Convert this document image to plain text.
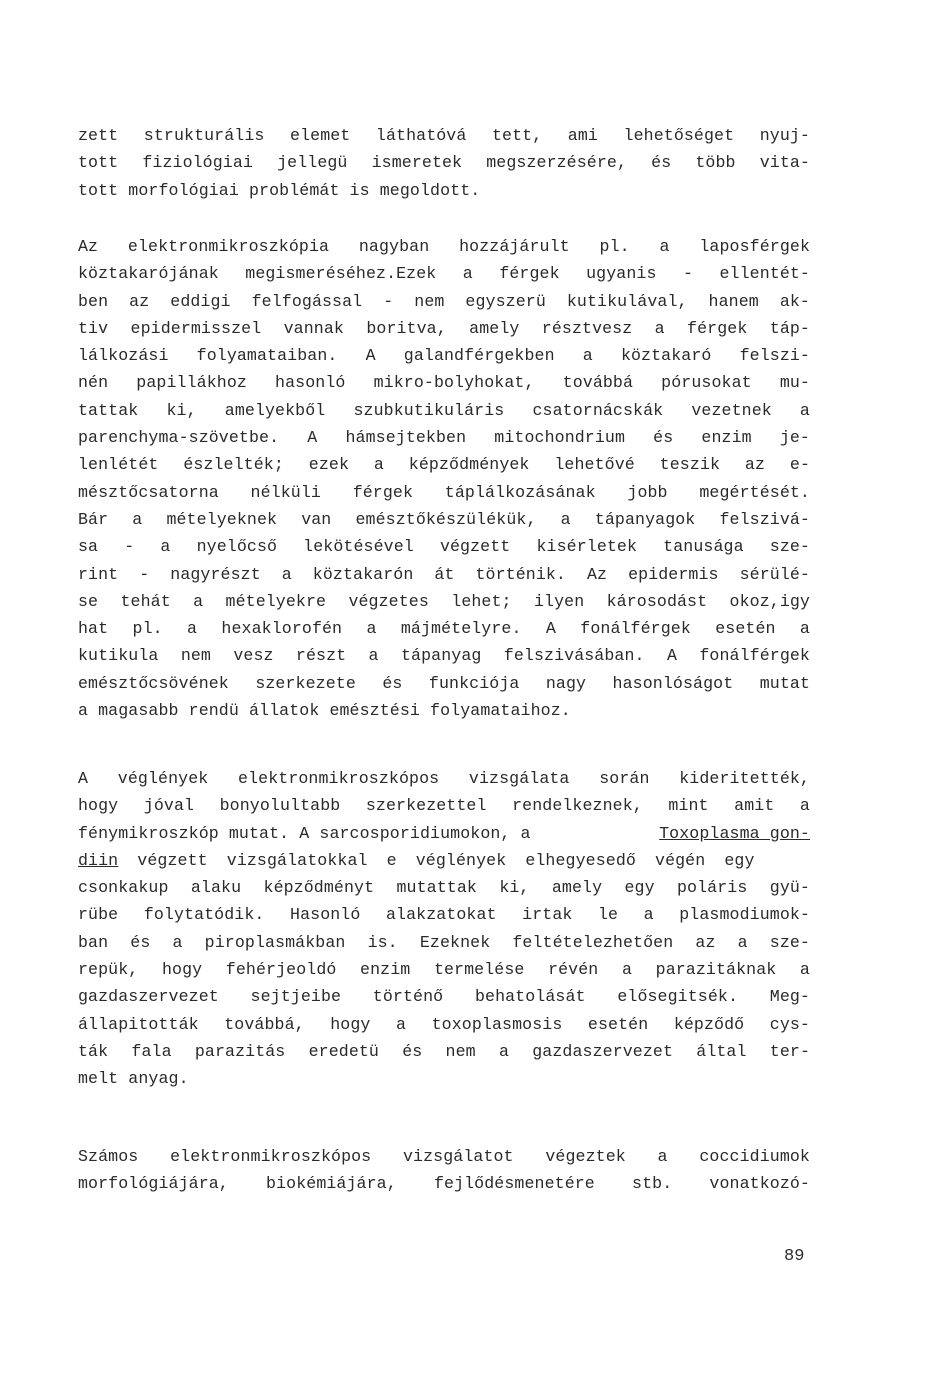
zett strukturális elemet láthatóvá tett, ami lehetőséget nyuj-
tott fiziológiai jellegü ismeretek megszerzésére, és több vita-
tott morfológiai problémát is megoldott.
Az elektronmikroszkópia nagyban hozzájárult pl. a laposférgek
köztakarójának megismeréséhez.Ezek a férgek ugyanis - ellentét-
ben az eddigi felfogással - nem egyszerü kutikulával, hanem ak-
tiv epidermisszel vannak boritva, amely résztvesz a férgek táp-
lálkozási folyamataiban. A galandférgekben a köztakaró felszi-
nén papillákhoz hasonló mikro-bolyhokat, továbbá pórusokat mu-
tattak ki, amelyekből szubkutikuláris csatornácskák vezetnek a
parenchyma-szövetbe. A hámsejtekben mitochondrium és enzim je-
lenlétét észlelték; ezek a képződmények lehetővé teszik az e-
mésztőcsatorna nélküli férgek táplálkozásának jobb megértését.
Bár a mételyeknek van emésztőkészülékük, a tápanyagok felszivá-
sa - a nyelőcső lekötésével végzett kisérletek tanusága sze-
rint - nagyrészt a köztakarón át történik. Az epidermis sérülé-
se tehát a mételyekre végzetes lehet; ilyen károsodást okoz,igy
hat pl. a hexaklorofén a májmételyre. A fonálférgek esetén a
kutikula nem vesz részt a tápanyag felszivásában. A fonálférgek
emésztőcsövének szerkezete és funkciója nagy hasonlóságot mutat
a magasabb rendü állatok emésztési folyamataihoz.
A véglények elektronmikroszkópos vizsgálata során kideritették,
hogy jóval bonyolultabb szerkezettel rendelkeznek, mint amit a
fénymikroszkóp mutat. A sarcosporidiumokon, a	Toxoplasma gon-
diin végzett vizsgálatokkal e véglények elhegyesedő végén egy
csonkakup alaku képződményt mutattak ki, amely egy poláris gyü-
rübe folytatódik. Hasonló alakzatokat irtak le a plasmodiumok-
ban és a piroplasmákban is. Ezeknek feltételezhetően az a sze-
repük, hogy fehérjeoldó enzim termelése révén a parazitáknak a
gazdaszervezet sejtjeibe történő behatolását elősegitsék. Meg-
állapitották továbbá, hogy a toxoplasmosis esetén képződő cys-
ták fala parazitás eredetü és nem a gazdaszervezet által ter-
melt anyag.
Számos elektronmikroszkópos vizsgálatot végeztek a coccidiumok
morfológiájára, biokémiájára, fejlődésmenetére stb. vonatkozó-
89
